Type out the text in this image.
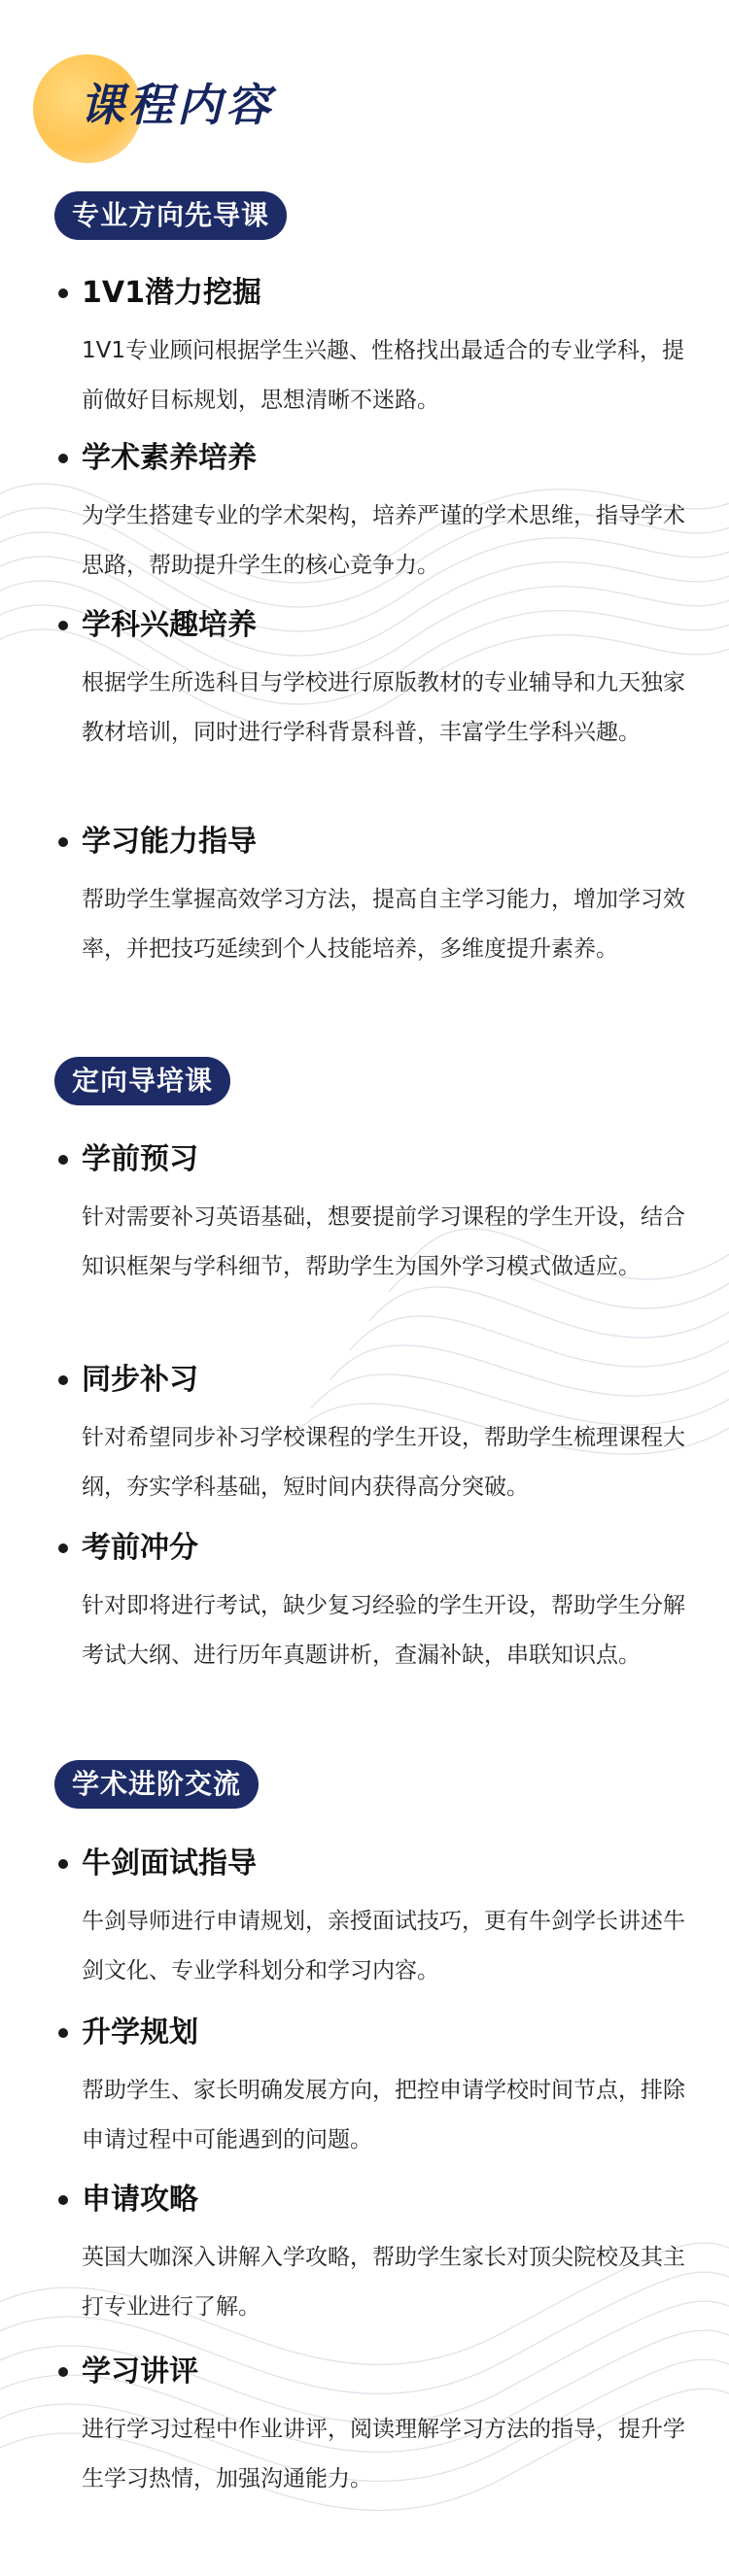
课程内容
专业方向先导课
1V1潜力挖掘
1V1专业顾问根据学生兴趣、性格找出最适合的专业学科，提前做好目标规划，思想清晰不迷路。
学术素养培养
为学生搭建专业的学术架构，培养严谨的学术思维，指导学术思路，帮助提升学生的核心竞争力。
学科兴趣培养
根据学生所选科目与学校进行原版教材的专业辅导和九天独家教材培训，同时进行学科背景科普，丰富学生学科兴趣。
学习能力指导
帮助学生掌握高效学习方法，提高自主学习能力，增加学习效率，并把技巧延续到个人技能培养，多维度提升素养。
定向导培课
学前预习
针对需要补习英语基础，想要提前学习课程的学生开设，结合知识框架与学科细节，帮助学生为国外学习模式做适应。
同步补习
针对希望同步补习学校课程的学生开设，帮助学生梳理课程大纲，夯实学科基础，短时间内获得高分突破。
考前冲分
针对即将进行考试，缺少复习经验的学生开设，帮助学生分解考试大纲、进行历年真题讲析，查漏补缺，串联知识点。
学术进阶交流
牛剑面试指导
牛剑导师进行申请规划，亲授面试技巧，更有牛剑学长讲述牛剑文化、专业学科划分和学习内容。
升学规划
帮助学生、家长明确发展方向，把控申请学校时间节点，排除申请过程中可能遇到的问题。
申请攻略
英国大咖深入讲解入学攻略，帮助学生家长对顶尖院校及其主打专业进行了解。
学习讲评
进行学习过程中作业讲评，阅读理解学习方法的指导，提升学生学习热情，加强沟通能力。
